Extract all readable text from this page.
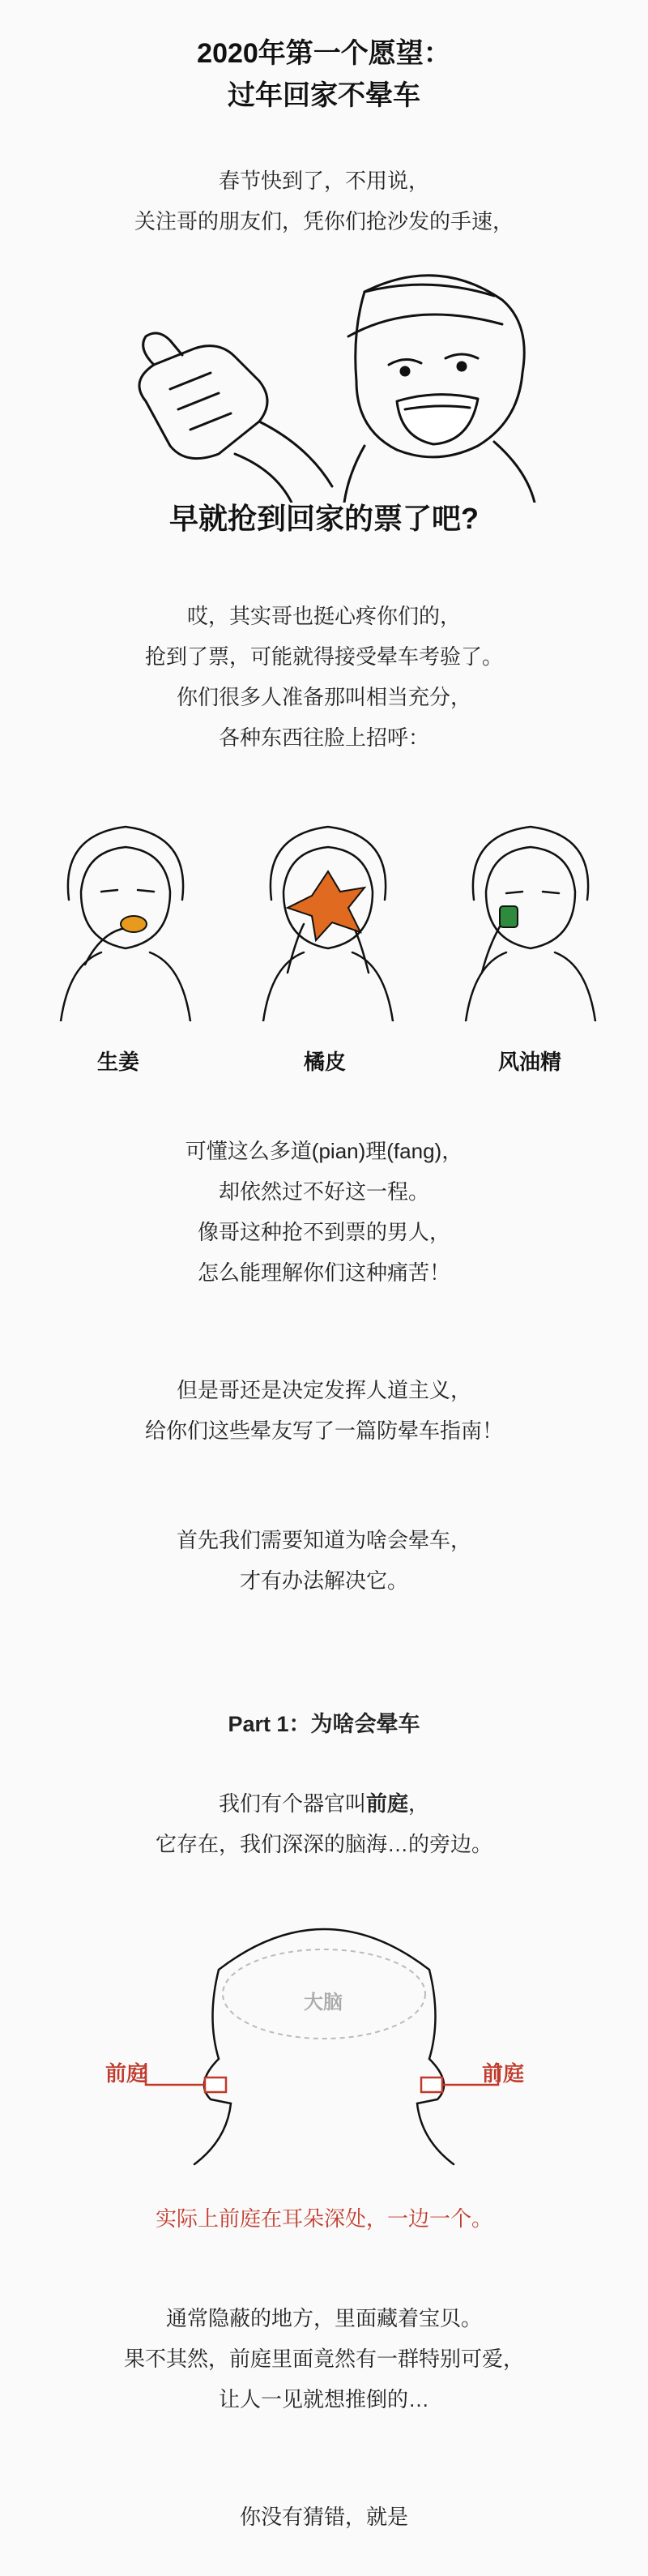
2020年第一个愿望：
过年回家不晕车
春节快到了，不用说，
关注哥的朋友们，凭你们抢沙发的手速，
早就抢到回家的票了吧?
哎，其实哥也挺心疼你们的，
抢到了票，可能就得接受晕车考验了。
你们很多人准备那叫相当充分，
各种东西往脸上招呼：
生姜	橘皮	风油精
可懂这么多道(pian)理(fang)，
却依然过不好这一程。
像哥这种抢不到票的男人，
怎么能理解你们这种痛苦！
但是哥还是决定发挥人道主义，
给你们这些晕友写了一篇防晕车指南！
首先我们需要知道为啥会晕车，
才有办法解决它。
Part 1：为啥会晕车
我们有个器官叫前庭，
它存在，我们深深的脑海…的旁边。
前庭	前庭
大脑
实际上前庭在耳朵深处，一边一个。
通常隐蔽的地方，里面藏着宝贝。
果不其然，前庭里面竟然有一群特别可爱，
让人一见就想推倒的…
你没有猜错，就是
